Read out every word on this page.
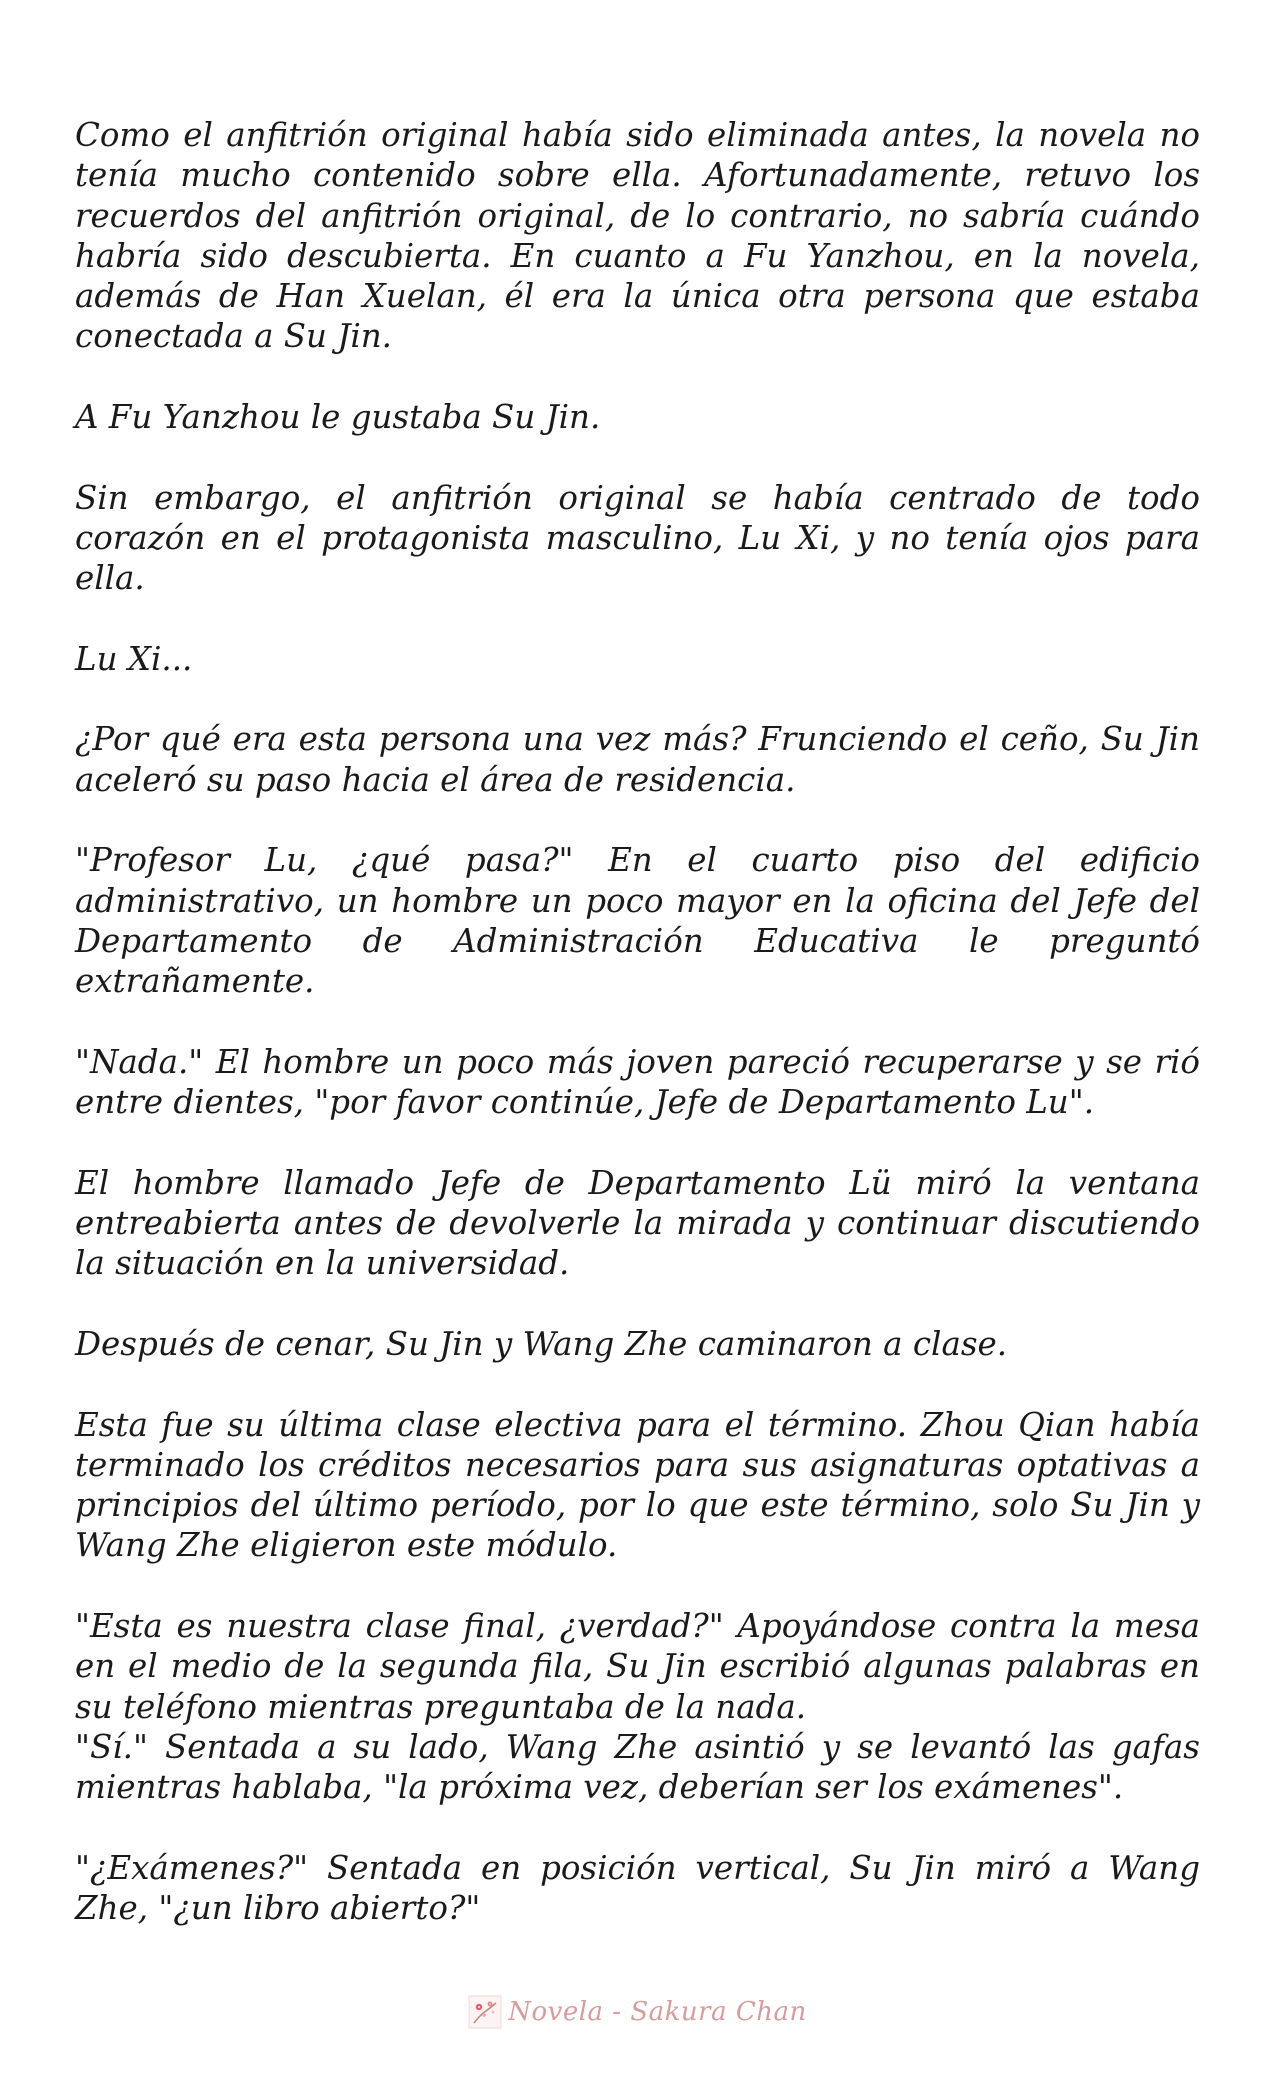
Como el anfitrión original había sido eliminada antes, la novela no tenía mucho contenido sobre ella. Afortunadamente, retuvo los recuerdos del anfitrión original, de lo contrario, no sabría cuándo habría sido descubierta. En cuanto a Fu Yanzhou, en la novela, además de Han Xuelan, él era la única otra persona que estaba conectada a Su Jin.

A Fu Yanzhou le gustaba Su Jin.

Sin embargo, el anfitrión original se había centrado de todo corazón en el protagonista masculino, Lu Xi, y no tenía ojos para ella.

Lu Xi...

¿Por qué era esta persona una vez más? Frunciendo el ceño, Su Jin aceleró su paso hacia el área de residencia.

"Profesor Lu, ¿qué pasa?" En el cuarto piso del edificio administrativo, un hombre un poco mayor en la oficina del Jefe del Departamento de Administración Educativa le preguntó extrañamente.

"Nada." El hombre un poco más joven pareció recuperarse y se rió entre dientes, "por favor continúe, Jefe de Departamento Lu".

El hombre llamado Jefe de Departamento Lü miró la ventana entreabierta antes de devolverle la mirada y continuar discutiendo la situación en la universidad.

Después de cenar, Su Jin y Wang Zhe caminaron a clase.

Esta fue su última clase electiva para el término. Zhou Qian había terminado los créditos necesarios para sus asignaturas optativas a principios del último período, por lo que este término, solo Su Jin y Wang Zhe eligieron este módulo.

"Esta es nuestra clase final, ¿verdad?" Apoyándose contra la mesa en el medio de la segunda fila, Su Jin escribió algunas palabras en su teléfono mientras preguntaba de la nada.

"Sí." Sentada a su lado, Wang Zhe asintió y se levantó las gafas mientras hablaba, "la próxima vez, deberían ser los exámenes".

"¿Exámenes?" Sentada en posición vertical, Su Jin miró a Wang Zhe, "¿un libro abierto?"

Novela - Sakura Chan
